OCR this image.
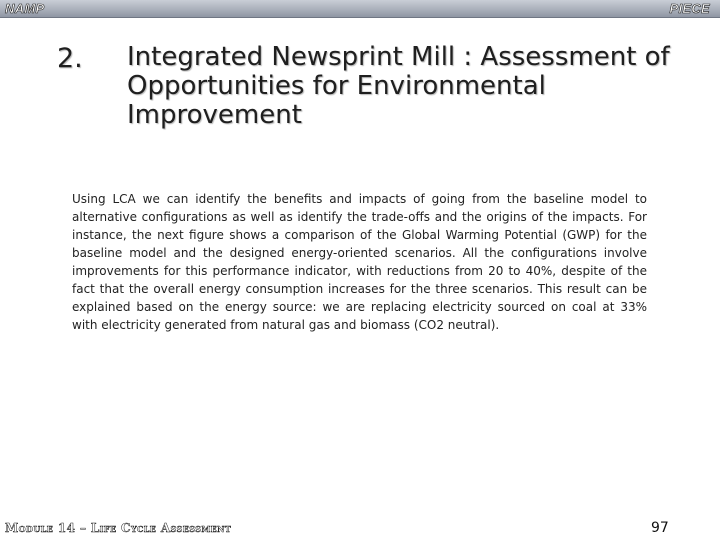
NAMP	PIECE
2. Integrated Newsprint Mill : Assessment of Opportunities for Environmental Improvement
Using LCA we can identify the benefits and impacts of going from the baseline model to alternative configurations as well as identify the trade-offs and the origins of the impacts. For instance, the next figure shows a comparison of the Global Warming Potential (GWP) for the baseline model and the designed energy-oriented scenarios. All the configurations involve improvements for this performance indicator, with reductions from 20 to 40%, despite of the fact that the overall energy consumption increases for the three scenarios. This result can be explained based on the energy source: we are replacing electricity sourced on coal at 33% with electricity generated from natural gas and biomass (CO2 neutral).
Module 14 – Life Cycle Assessment	97
